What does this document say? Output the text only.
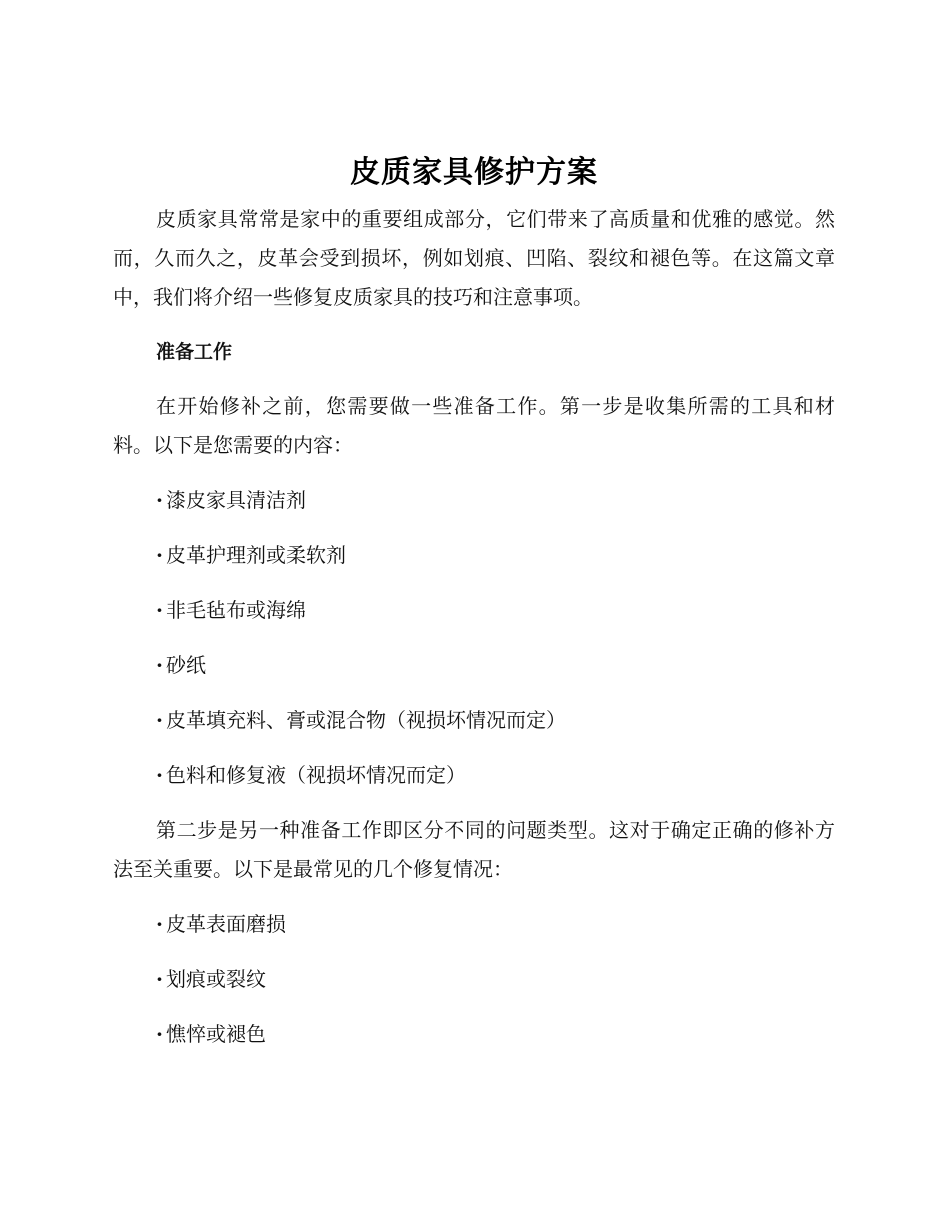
皮质家具修护方案

皮质家具常常是家中的重要组成部分，它们带来了高质量和优雅的感觉。然而，久而久之，皮革会受到损坏，例如划痕、凹陷、裂纹和褪色等。在这篇文章中，我们将介绍一些修复皮质家具的技巧和注意事项。

准备工作

在开始修补之前，您需要做一些准备工作。第一步是收集所需的工具和材料。以下是您需要的内容：

· 漆皮家具清洁剂
· 皮革护理剂或柔软剂
· 非毛毡布或海绵
· 砂纸
· 皮革填充料、膏或混合物（视损坏情况而定）
· 色料和修复液（视损坏情况而定）

第二步是另一种准备工作即区分不同的问题类型。这对于确定正确的修补方法至关重要。以下是最常见的几个修复情况：

· 皮革表面磨损
· 划痕或裂纹
· 憔悴或褪色
